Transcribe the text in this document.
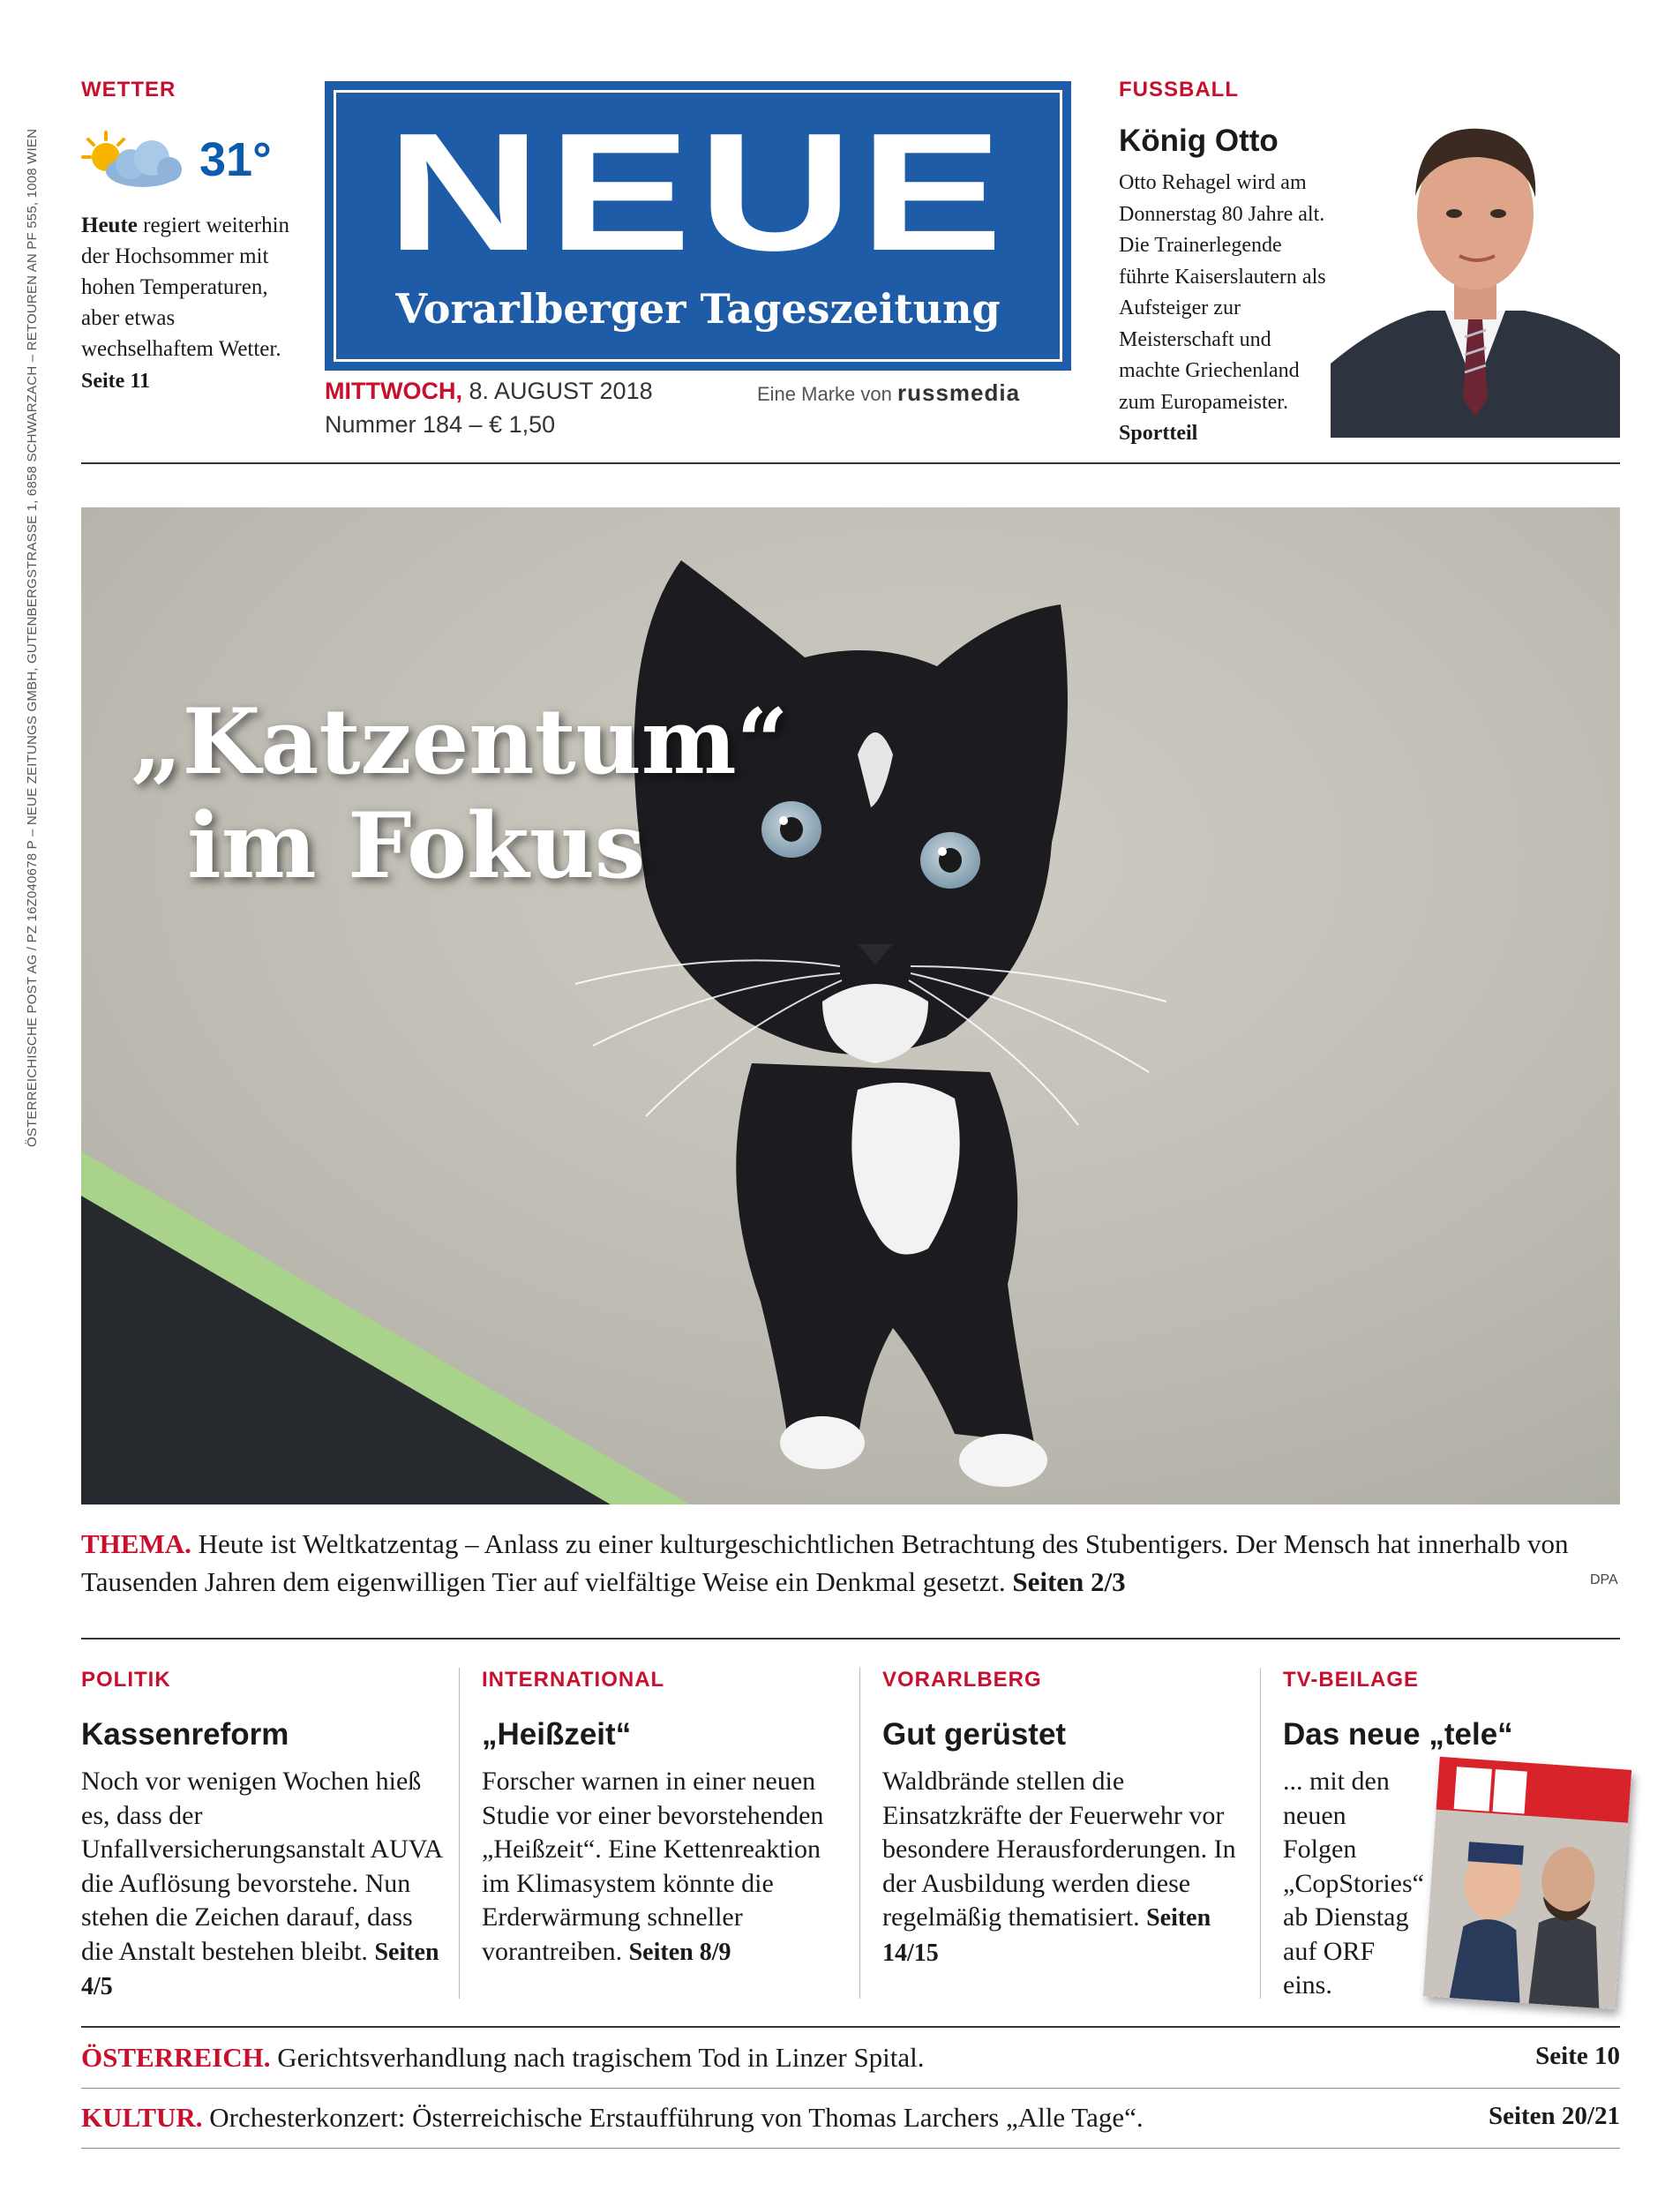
ÖSTERREICHISCHE POST AG / PZ 16Z040678 P – NEUE ZEITUNGS GMBH, GUTENBERGSTRASSE 1, 6858 SCHWARZACH – RETOUREN AN PF 555, 1008 WIEN
WETTER
31°
Heute regiert weiterhin der Hochsommer mit hohen Temperaturen, aber etwas wechselhaftem Wetter.
Seite 11
NEUE
Vorarlberger Tageszeitung
MITTWOCH, 8. AUGUST 2018
Nummer 184 – € 1,50
Eine Marke von russmedia
FUSSBALL
König Otto
Otto Rehagel wird am Donnerstag 80 Jahre alt. Die Trainerlegende führte Kaiserslautern als Aufsteiger zur Meisterschaft und machte Griechenland zum Europameister.
Sportteil
„Katzentum“
im Fokus
THEMA. Heute ist Weltkatzentag – Anlass zu einer kulturgeschichtlichen Betrachtung des Stubentigers. Der Mensch hat innerhalb von Tausenden Jahren dem eigenwilligen Tier auf vielfältige Weise ein Denkmal gesetzt. Seiten 2/3	DPA
POLITIK
Kassenreform
Noch vor wenigen Wochen hieß es, dass der Unfallversicherungsanstalt AUVA die Auflösung bevorstehe. Nun stehen die Zeichen darauf, dass die Anstalt bestehen bleibt. Seiten 4/5
INTERNATIONAL
„Heißzeit“
Forscher warnen in einer neuen Studie vor einer bevorstehenden „Heißzeit“. Eine Kettenreaktion im Klimasystem könnte die Erderwärmung schneller vorantreiben. Seiten 8/9
VORARLBERG
Gut gerüstet
Waldbrände stellen die Einsatzkräfte der Feuerwehr vor besondere Herausforderungen. In der Ausbildung werden diese regelmäßig thematisiert. Seiten 14/15
TV-BEILAGE
Das neue „tele“
... mit den neuen Folgen „CopStories“ ab Dienstag auf ORF eins.
ÖSTERREICH. Gerichtsverhandlung nach tragischem Tod in Linzer Spital.	Seite 10
KULTUR. Orchesterkonzert: Österreichische Erstaufführung von Thomas Larchers „Alle Tage“.	Seiten 20/21
